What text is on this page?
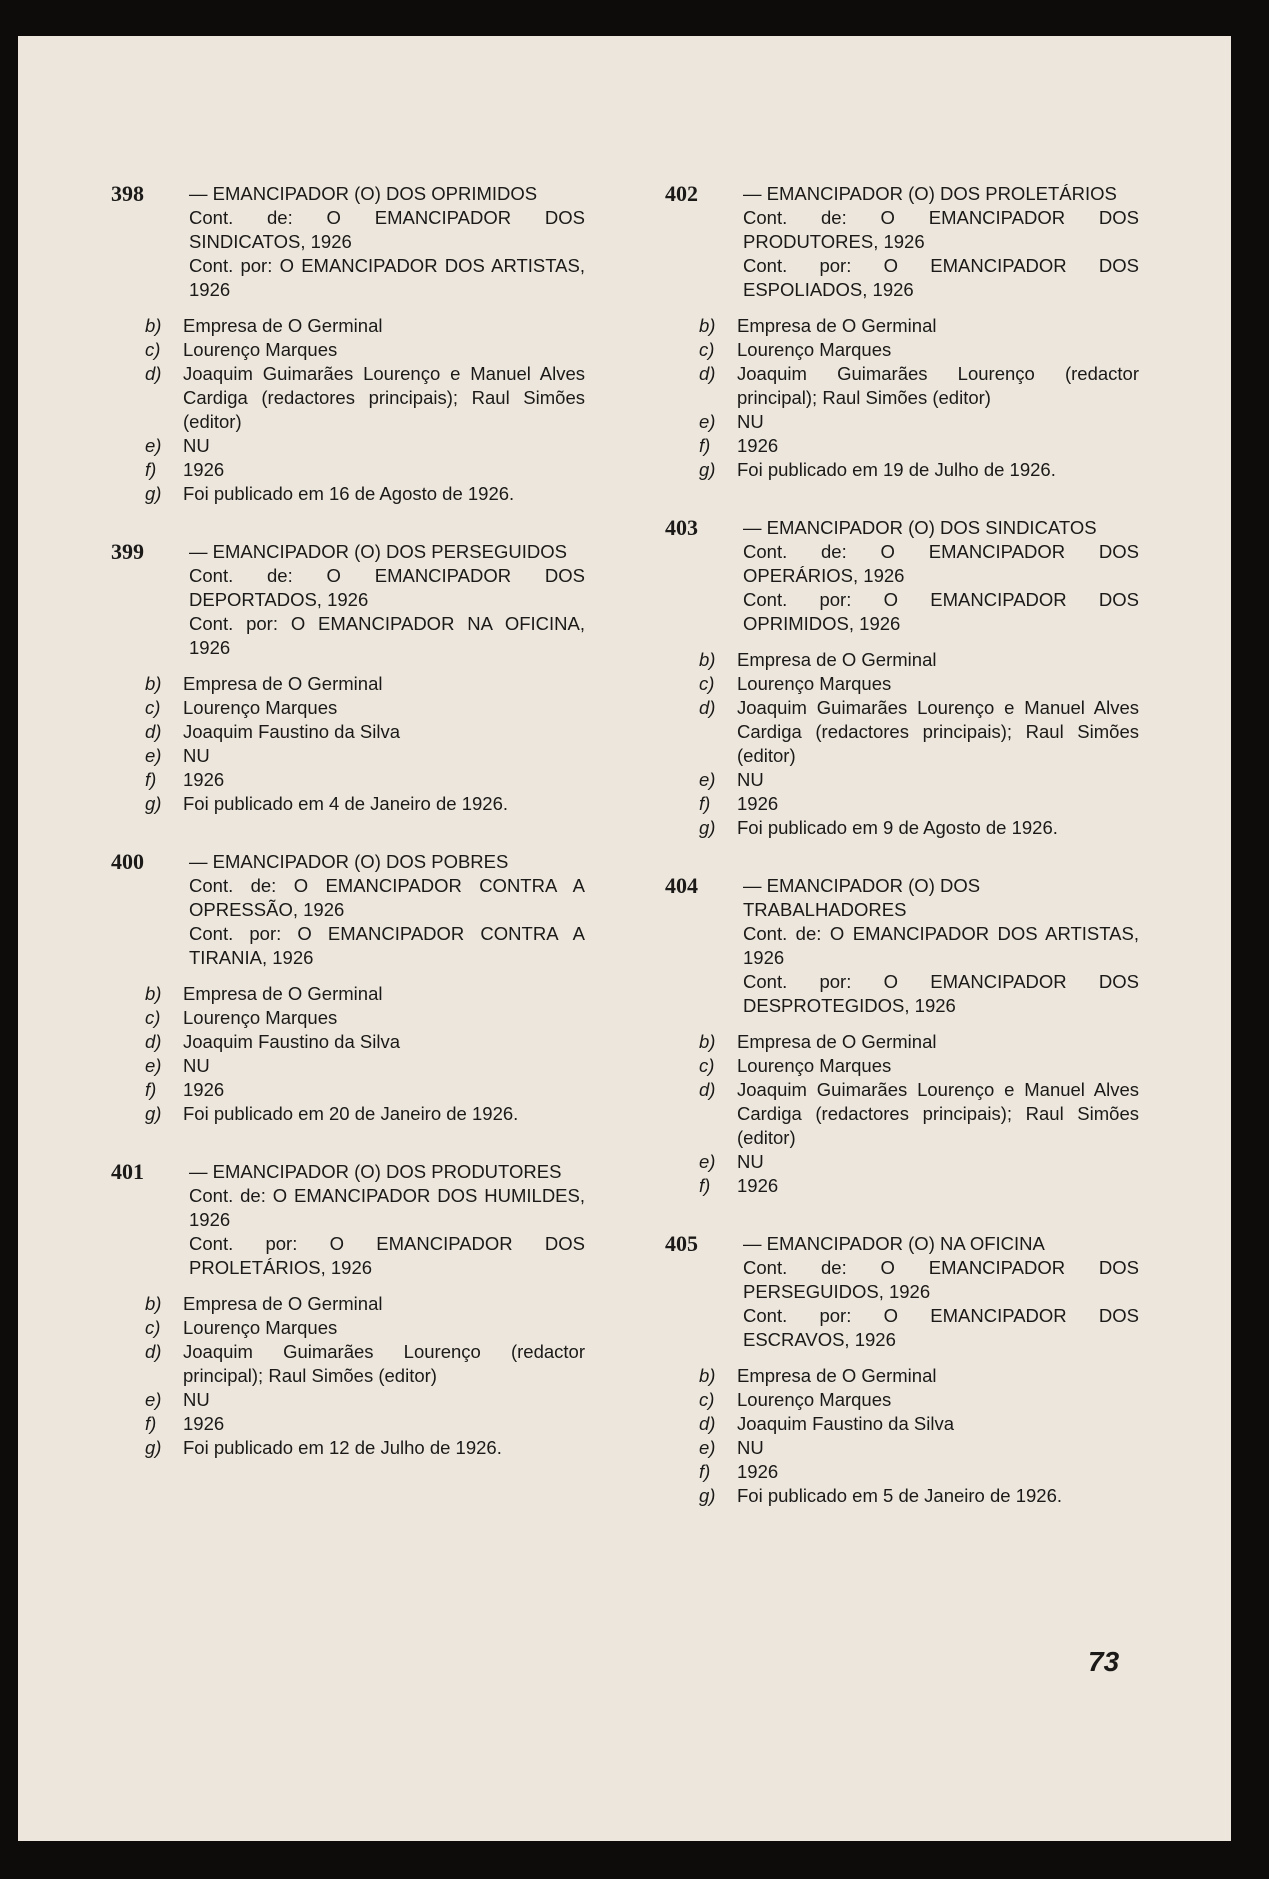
398 — EMANCIPADOR (O) DOS OPRIMIDOS
Cont. de: O EMANCIPADOR DOS SINDICATOS, 1926
Cont. por: O EMANCIPADOR DOS ARTISTAS, 1926
b) Empresa de O Germinal
c) Lourenço Marques
d) Joaquim Guimarães Lourenço e Manuel Alves Cardiga (redactores principais); Raul Simões (editor)
e) NU
f) 1926
g) Foi publicado em 16 de Agosto de 1926.
399 — EMANCIPADOR (O) DOS PERSEGUIDOS
Cont. de: O EMANCIPADOR DOS DEPORTADOS, 1926
Cont. por: O EMANCIPADOR NA OFICINA, 1926
b) Empresa de O Germinal
c) Lourenço Marques
d) Joaquim Faustino da Silva
e) NU
f) 1926
g) Foi publicado em 4 de Janeiro de 1926.
400 — EMANCIPADOR (O) DOS POBRES
Cont. de: O EMANCIPADOR CONTRA A OPRESSÃO, 1926
Cont. por: O EMANCIPADOR CONTRA A TIRANIA, 1926
b) Empresa de O Germinal
c) Lourenço Marques
d) Joaquim Faustino da Silva
e) NU
f) 1926
g) Foi publicado em 20 de Janeiro de 1926.
401 — EMANCIPADOR (O) DOS PRODUTORES
Cont. de: O EMANCIPADOR DOS HUMILDES, 1926
Cont. por: O EMANCIPADOR DOS PROLETÁRIOS, 1926
b) Empresa de O Germinal
c) Lourenço Marques
d) Joaquim Guimarães Lourenço (redactor principal); Raul Simões (editor)
e) NU
f) 1926
g) Foi publicado em 12 de Julho de 1926.
402 — EMANCIPADOR (O) DOS PROLETÁRIOS
Cont. de: O EMANCIPADOR DOS PRODUTORES, 1926
Cont. por: O EMANCIPADOR DOS ESPOLIADOS, 1926
b) Empresa de O Germinal
c) Lourenço Marques
d) Joaquim Guimarães Lourenço (redactor principal); Raul Simões (editor)
e) NU
f) 1926
g) Foi publicado em 19 de Julho de 1926.
403 — EMANCIPADOR (O) DOS SINDICATOS
Cont. de: O EMANCIPADOR DOS OPERÁRIOS, 1926
Cont. por: O EMANCIPADOR DOS OPRIMIDOS, 1926
b) Empresa de O Germinal
c) Lourenço Marques
d) Joaquim Guimarães Lourenço e Manuel Alves Cardiga (redactores principais); Raul Simões (editor)
e) NU
f) 1926
g) Foi publicado em 9 de Agosto de 1926.
404 — EMANCIPADOR (O) DOS TRABALHADORES
Cont. de: O EMANCIPADOR DOS ARTISTAS, 1926
Cont. por: O EMANCIPADOR DOS DESPROTEGIDOS, 1926
b) Empresa de O Germinal
c) Lourenço Marques
d) Joaquim Guimarães Lourenço e Manuel Alves Cardiga (redactores principais); Raul Simões (editor)
e) NU
f) 1926
405 — EMANCIPADOR (O) NA OFICINA
Cont. de: O EMANCIPADOR DOS PERSEGUIDOS, 1926
Cont. por: O EMANCIPADOR DOS ESCRAVOS, 1926
b) Empresa de O Germinal
c) Lourenço Marques
d) Joaquim Faustino da Silva
e) NU
f) 1926
g) Foi publicado em 5 de Janeiro de 1926.
73
